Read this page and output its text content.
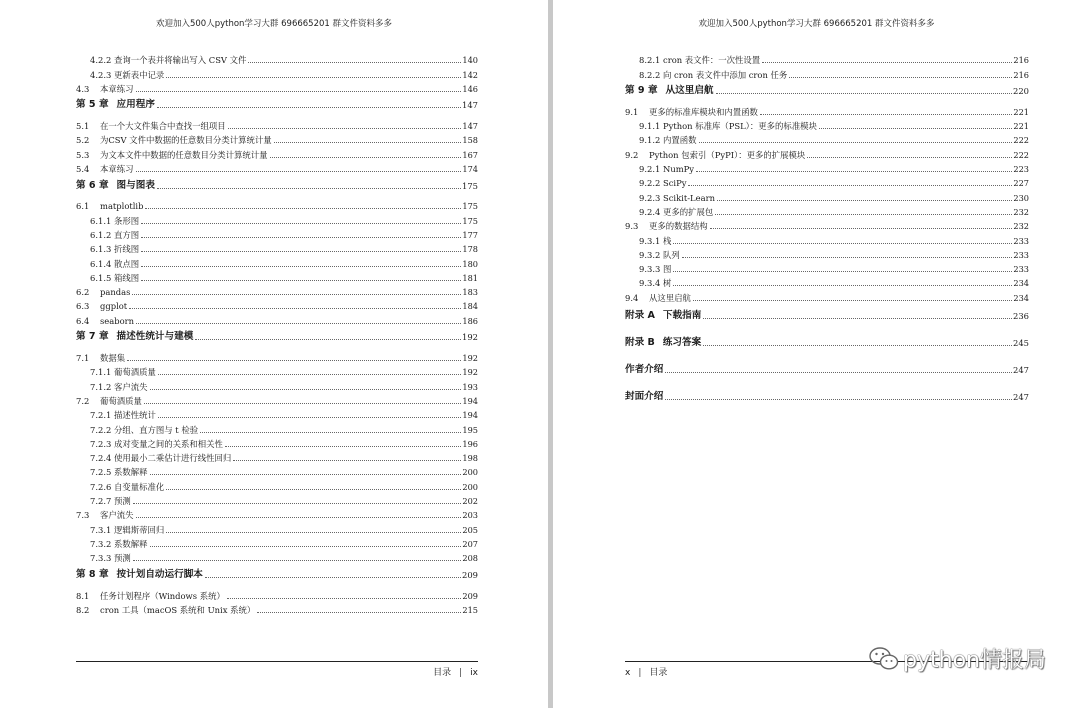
欢迎加入500人python学习大群 696665201 群文件资料多多
4.2.2 查询一个表并将输出写入 CSV 文件	140
4.2.3 更新表中记录	142
4.3	本章练习	146
第 5 章 应用程序	147
5.1	在一个大文件集合中查找一组项目	147
5.2	为CSV 文件中数据的任意数目分类计算统计量	158
5.3	为文本文件中数据的任意数目分类计算统计量	167
5.4	本章练习	174
第 6 章 图与图表	175
6.1	matplotlib	175
6.1.1 条形图	175
6.1.2 直方图	177
6.1.3 折线图	178
6.1.4 散点图	180
6.1.5 箱线图	181
6.2	pandas	183
6.3	ggplot	184
6.4	seaborn	186
第 7 章 描述性统计与建模	192
7.1	数据集	192
7.1.1 葡萄酒质量	192
7.1.2 客户流失	193
7.2	葡萄酒质量	194
7.2.1 描述性统计	194
7.2.2 分组、直方图与 t 检验	195
7.2.3 成对变量之间的关系和相关性	196
7.2.4 使用最小二乘估计进行线性回归	198
7.2.5 系数解释	200
7.2.6 自变量标准化	200
7.2.7 预测	202
7.3	客户流失	203
7.3.1 逻辑斯蒂回归	205
7.3.2 系数解释	207
7.3.3 预测	208
第 8 章 按计划自动运行脚本	209
8.1	任务计划程序（Windows 系统）	209
8.2	cron 工具（macOS 系统和 Unix 系统）	215
目录 | ix
欢迎加入500人python学习大群 696665201 群文件资料多多
8.2.1 cron 表文件：一次性设置	216
8.2.2 向 cron 表文件中添加 cron 任务	216
第 9 章 从这里启航	220
9.1	更多的标准库模块和内置函数	221
9.1.1 Python 标准库（PSL）：更多的标准模块	221
9.1.2 内置函数	222
9.2	Python 包索引（PyPI）：更多的扩展模块	222
9.2.1 NumPy	223
9.2.2 SciPy	227
9.2.3 Scikit-Learn	230
9.2.4 更多的扩展包	232
9.3	更多的数据结构	232
9.3.1 栈	233
9.3.2 队列	233
9.3.3 图	233
9.3.4 树	234
9.4	从这里启航	234
附录 A 下载指南	236
附录 B 练习答案	245
作者介绍	247
封面介绍	247
x | 目录	python情报局
